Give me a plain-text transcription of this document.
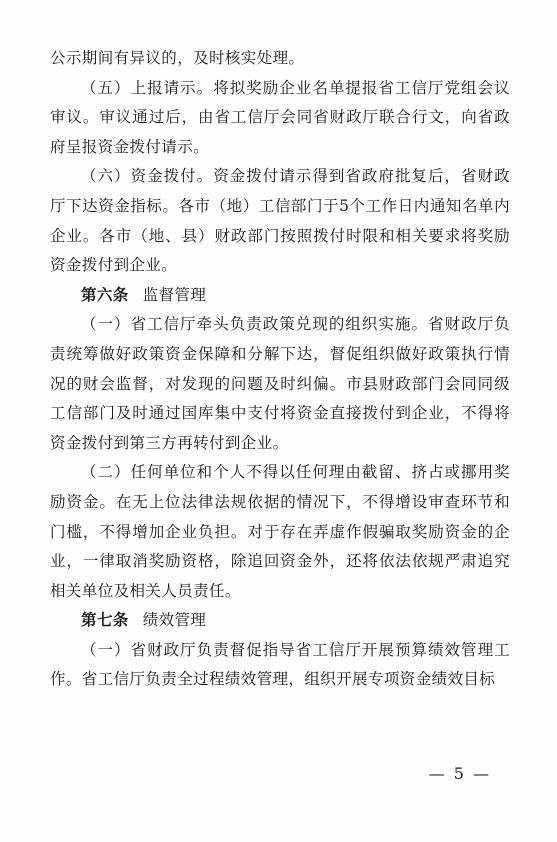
公示期间有异议的，及时核实处理。

（五）上报请示。将拟奖励企业名单提报省工信厅党组会议审议。审议通过后，由省工信厅会同省财政厅联合行文，向省政府呈报资金拨付请示。

（六）资金拨付。资金拨付请示得到省政府批复后，省财政厅下达资金指标。各市（地）工信部门于5个工作日内通知名单内企业。各市（地、县）财政部门按照拨付时限和相关要求将奖励资金拨付到企业。

第六条 监督管理

（一）省工信厅牵头负责政策兑现的组织实施。省财政厅负责统筹做好政策资金保障和分解下达，督促组织做好政策执行情况的财会监督，对发现的问题及时纠偏。市县财政部门会同同级工信部门及时通过国库集中支付将资金直接拨付到企业，不得将资金拨付到第三方再转付到企业。

（二）任何单位和个人不得以任何理由截留、挤占或挪用奖励资金。在无上位法律法规依据的情况下，不得增设审查环节和门槛，不得增加企业负担。对于存在弄虚作假骗取奖励资金的企业，一律取消奖励资格，除追回资金外，还将依法依规严肃追究相关单位及相关人员责任。

第七条 绩效管理

（一）省财政厅负责督促指导省工信厅开展预算绩效管理工作。省工信厅负责全过程绩效管理，组织开展专项资金绩效目标

— 5 —
